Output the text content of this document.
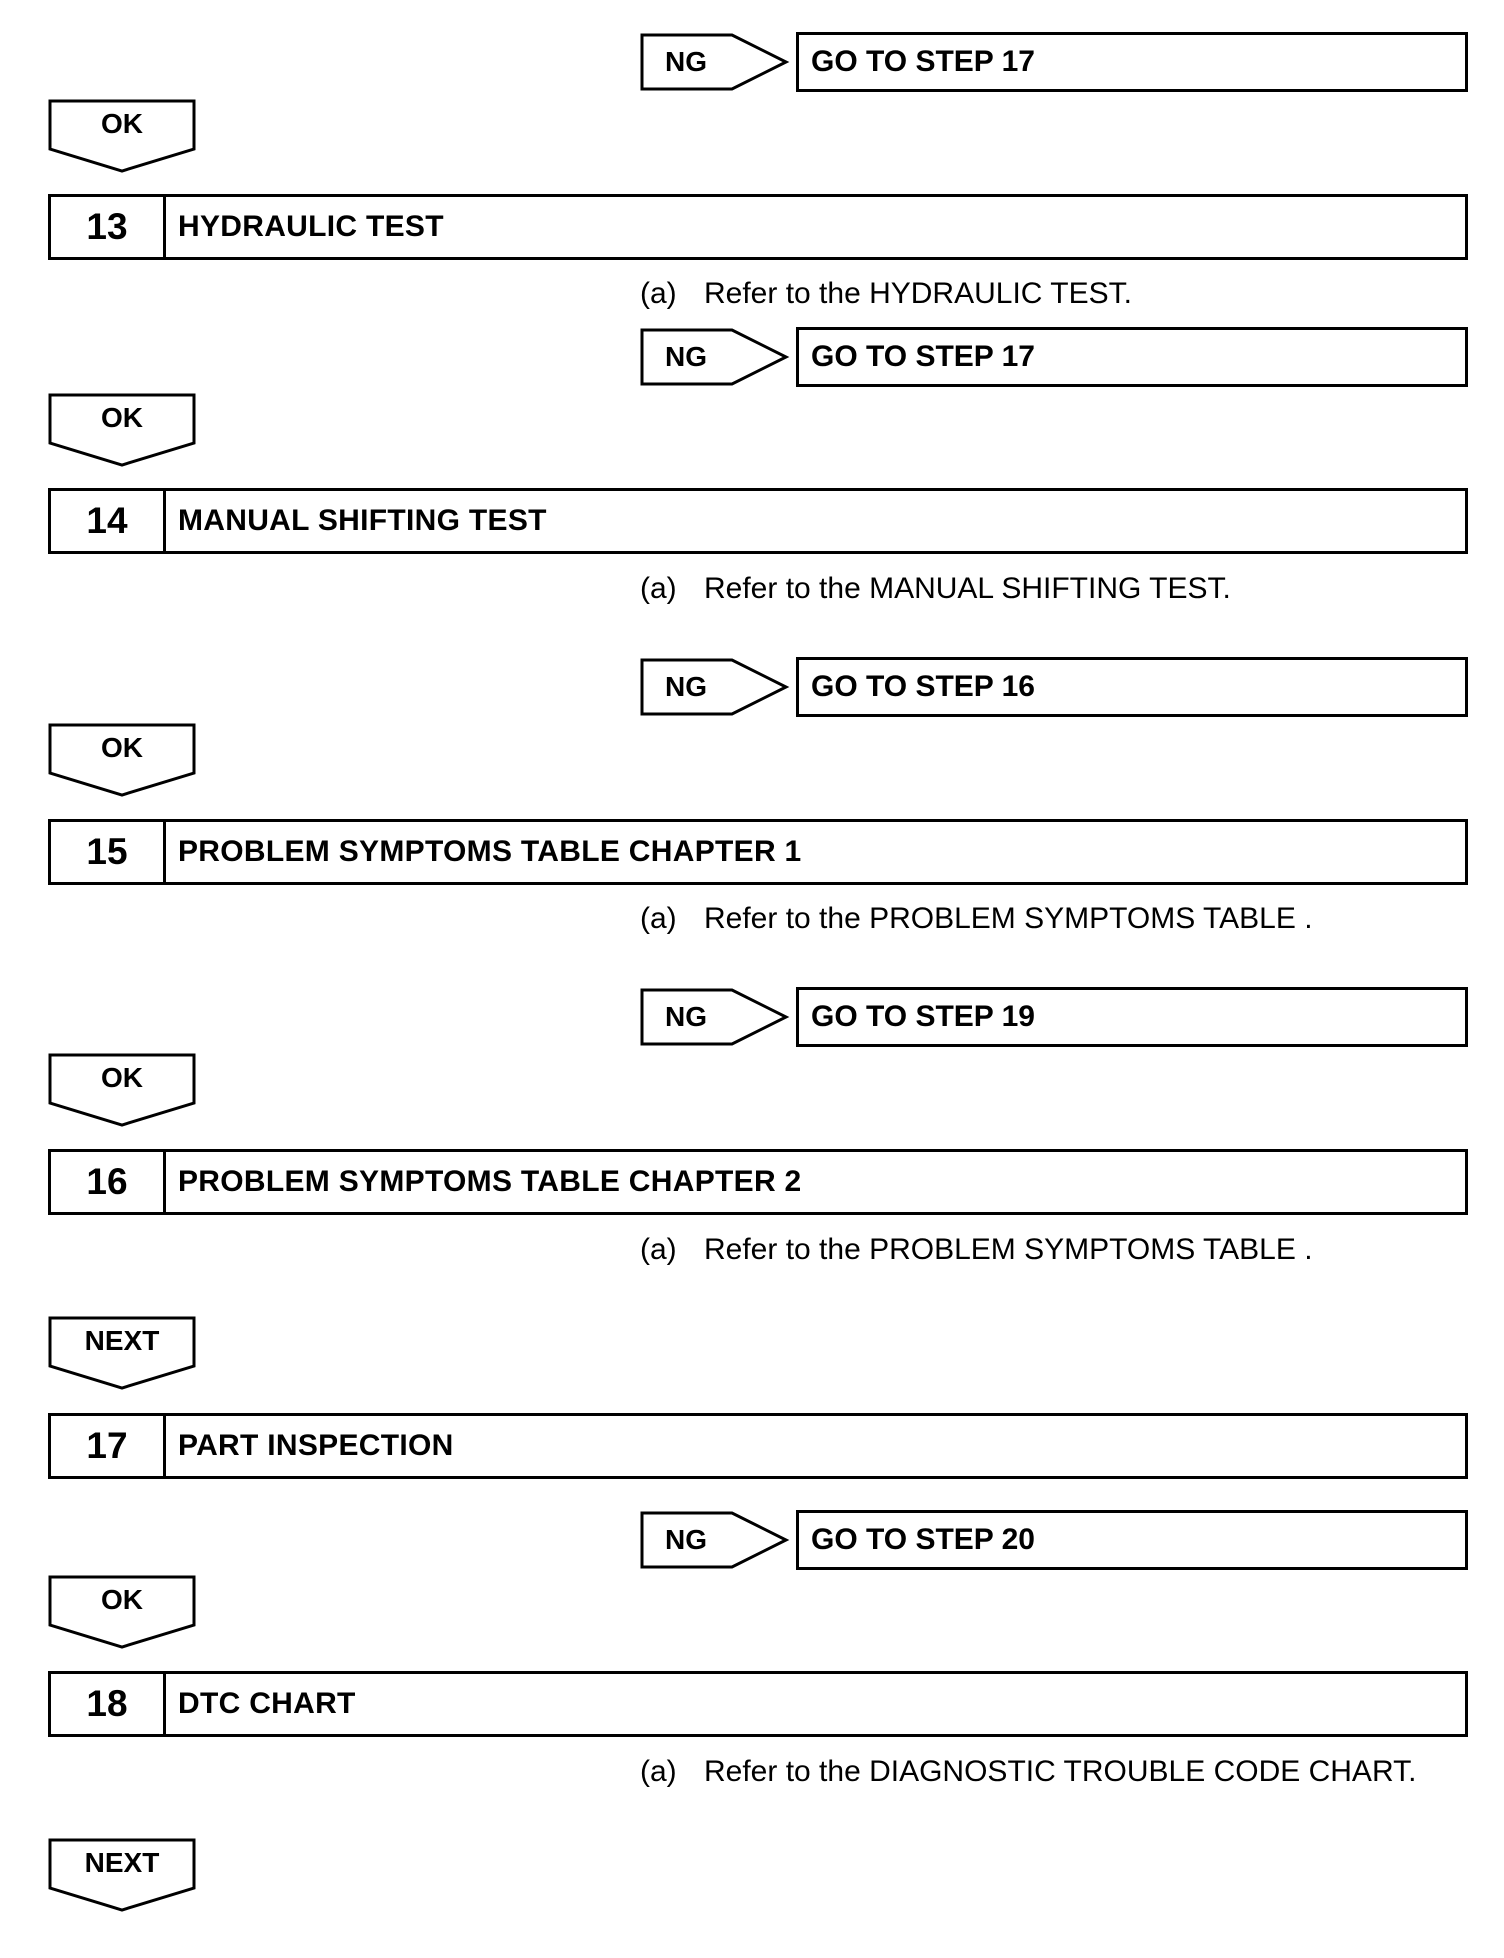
NG	GO TO STEP 17
OK
13	HYDRAULIC TEST
(a) Refer to the HYDRAULIC TEST.
NG	GO TO STEP 17
OK
14	MANUAL SHIFTING TEST
(a) Refer to the MANUAL SHIFTING TEST.
NG	GO TO STEP 16
OK
15	PROBLEM SYMPTOMS TABLE CHAPTER 1
(a) Refer to the PROBLEM SYMPTOMS TABLE .
NG	GO TO STEP 19
OK
16	PROBLEM SYMPTOMS TABLE CHAPTER 2
(a) Refer to the PROBLEM SYMPTOMS TABLE .
NEXT
17	PART INSPECTION
NG	GO TO STEP 20
OK
18	DTC CHART
(a) Refer to the DIAGNOSTIC TROUBLE CODE CHART.
NEXT
